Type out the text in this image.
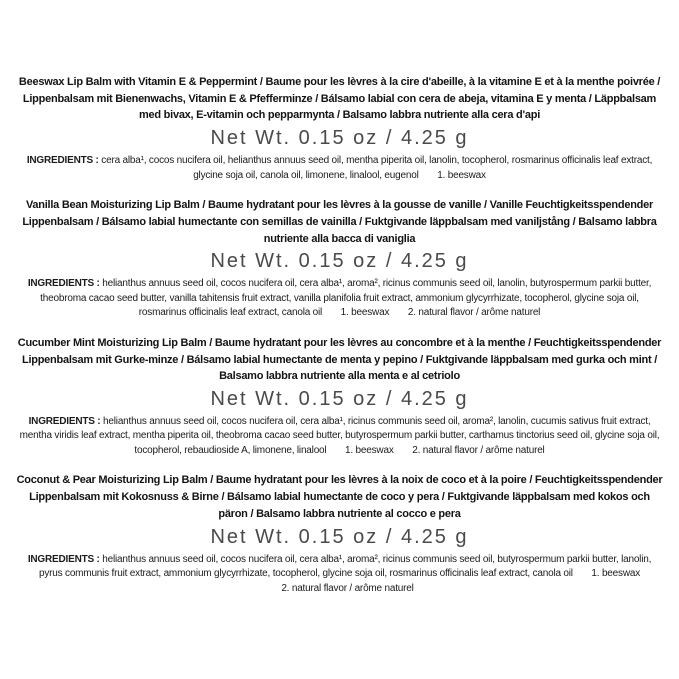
Beeswax Lip Balm with Vitamin E & Peppermint / Baume pour les lèvres à la cire d'abeille, à la vitamine E et à la menthe poivrée / Lippenbalsam mit Bienenwachs, Vitamin E & Pfefferminze / Bálsamo labial con cera de abeja, vitamina E y menta / Läppbalsam med bivax, E-vitamin och pepparmynta / Balsamo labbra nutriente alla cera d'api
Net Wt. 0.15 oz / 4.25 g
INGREDIENTS : cera alba¹, cocos nucifera oil, helianthus annuus seed oil, mentha piperita oil, lanolin, tocopherol, rosmarinus officinalis leaf extract, glycine soja oil, canola oil, limonene, linalool, eugenol 1. beeswax
Vanilla Bean Moisturizing Lip Balm / Baume hydratant pour les lèvres à la gousse de vanille / Vanille Feuchtigkeitsspendender Lippenbalsam / Bálsamo labial humectante con semillas de vainilla / Fuktgivande läppbalsam med vaniljstång / Balsamo labbra nutriente alla bacca di vaniglia
Net Wt. 0.15 oz / 4.25 g
INGREDIENTS : helianthus annuus seed oil, cocos nucifera oil, cera alba¹, aroma², ricinus communis seed oil, lanolin, butyrospermum parkii butter, theobroma cacao seed butter, vanilla tahitensis fruit extract, vanilla planifolia fruit extract, ammonium glycyrrhizate, tocopherol, glycine soja oil, rosmarinus officinalis leaf extract, canola oil 1. beeswax 2. natural flavor / arôme naturel
Cucumber Mint Moisturizing Lip Balm / Baume hydratant pour les lèvres au concombre et à la menthe / Feuchtigkeitsspendender Lippenbalsam mit Gurke-minze / Bálsamo labial humectante de menta y pepino / Fuktgivande läppbalsam med gurka och mint / Balsamo labbra nutriente alla menta e al cetriolo
Net Wt. 0.15 oz / 4.25 g
INGREDIENTS : helianthus annuus seed oil, cocos nucifera oil, cera alba¹, ricinus communis seed oil, aroma², lanolin, cucumis sativus fruit extract, mentha viridis leaf extract, mentha piperita oil, theobroma cacao seed butter, butyrospermum parkii butter, carthamus tinctorius seed oil, glycine soja oil, tocopherol, rebaudioside A, limonene, linalool 1. beeswax 2. natural flavor / arôme naturel
Coconut & Pear Moisturizing Lip Balm / Baume hydratant pour les lèvres à la noix de coco et à la poire / Feuchtigkeitsspendender Lippenbalsam mit Kokosnuss & Birne / Bálsamo labial humectante de coco y pera / Fuktgivande läppbalsam med kokos och päron / Balsamo labbra nutriente al cocco e pera
Net Wt. 0.15 oz / 4.25 g
INGREDIENTS : helianthus annuus seed oil, cocos nucifera oil, cera alba¹, aroma², ricinus communis seed oil, butyrospermum parkii butter, lanolin, pyrus communis fruit extract, ammonium glycyrrhizate, tocopherol, glycine soja oil, rosmarinus officinalis leaf extract, canola oil 1. beeswax 2. natural flavor / arôme naturel
